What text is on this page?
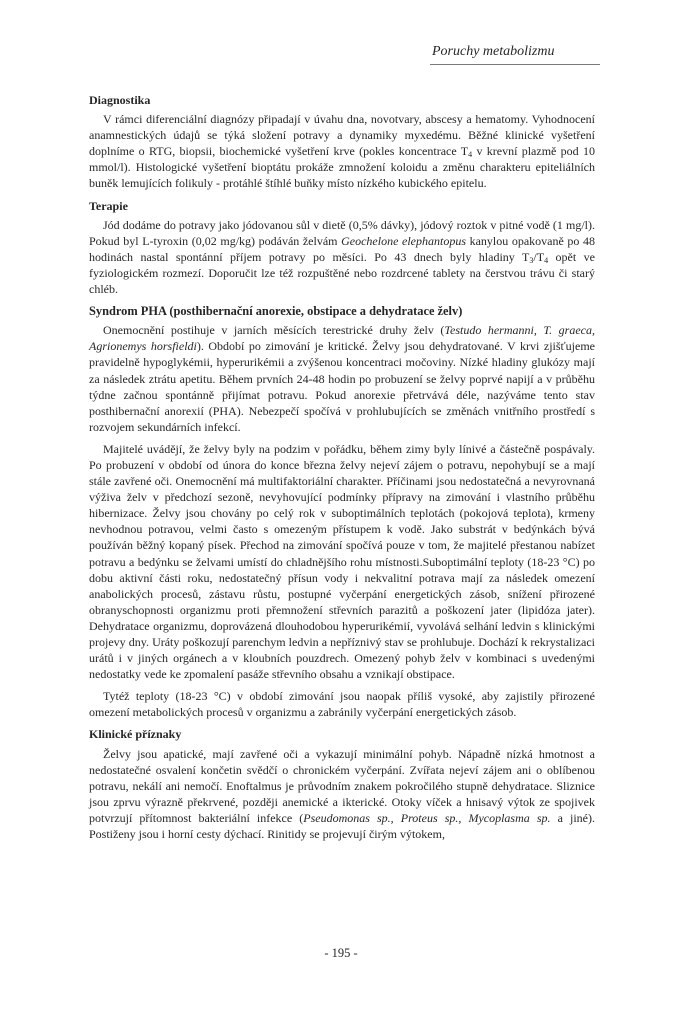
Poruchy metabolizmu
Diagnostika

V rámci diferenciální diagnózy připadají v úvahu dna, novotvary, abscesy a hematomy. Vyhodnocení anamnestických údajů se týká složení potravy a dynamiky myxedému. Běžné klinické vyšetření doplníme o RTG, biopsii, biochemické vyšetření krve (pokles koncentrace $T_4$ v krevní plazmě pod 10 mmol/l). Histologické vyšetření bioptátu prokáže zmnožení koloidu a změnu charakteru epiteliálních buněk lemujících folikuly - protáhlé štíhlé buňky místo nízkého kubického epitelu.

Terapie

Jód dodáme do potravy jako jódovanou sůl v dietě (0,5% dávky), jódový roztok v pitné vodě (1 mg/l). Pokud byl L-tyroxin (0,02 mg/kg) podáván želvám Geochelone elephantopus kanylou opakovaně po 48 hodinách nastal spontánní příjem potravy po měsíci. Po 43 dnech byly hladiny $T_3/T_4$ opět ve fyziologickém rozmezí. Doporučit lze též rozpuštěné nebo rozdrcené tablety na čerstvou trávu či starý chléb.

Syndrom PHA (posthibernační anorexie, obstipace a dehydratace želv)

Onemocnění postihuje v jarních měsících terestrické druhy želv (Testudo hermanni, T. graeca, Agrionemys horsfieldi). Období po zimování je kritické. Želvy jsou dehydratované. V krvi zjišťujeme pravidelně hypoglykémii, hyperurikémii a zvýšenou koncentraci močoviny. Nízké hladiny glukózy mají za následek ztrátu apetitu. Během prvních 24-48 hodin po probuzení se želvy poprvé napijí a v průběhu týdne začnou spontánně přijímat potravu. Pokud anorexie přetrvává déle, nazýváme tento stav posthibernační anorexií (PHA). Nebezpečí spočívá v prohlubujících se změnách vnitřního prostředí s rozvojem sekundárních infekcí.

Majitelé uvádějí, že želvy byly na podzim v pořádku, během zimy byly línivé a částečně pospávaly. Po probuzení v období od února do konce března želvy nejeví zájem o potravu, nepohybují se a mají stále zavřené oči. Onemocnění má multifaktoriální charakter. Příčinami jsou nedostatečná a nevyrovnaná výživa želv v předchozí sezoně, nevyhovující podmínky přípravy na zimování i vlastního průběhu hibernizace. Želvy jsou chovány po celý rok v suboptimálních teplotách (pokojová teplota), krmeny nevhodnou potravou, velmi často s omezeným přístupem k vodě. Jako substrát v bedýnkách bývá používán běžný kopaný písek. Přechod na zimování spočívá pouze v tom, že majitelé přestanou nabízet potravu a bedýnku se želvami umístí do chladnějšího rohu místnosti.Suboptimální teploty (18-23 °C) po dobu aktivní části roku, nedostatečný přísun vody i nekvalitní potrava mají za následek omezení anabolických procesů, zástavu růstu, postupné vyčerpání energetických zásob, snížení přirozené obranyschopnosti organizmu proti přemnožení střevních parazitů a poškození jater (lipidóza jater). Dehydratace organizmu, doprovázená dlouhodobou hyperurikémií, vyvolává selhání ledvin s klinickými projevy dny. Uráty poškozují parenchym ledvin a nepříznivý stav se prohlubuje. Dochází k rekrystalizaci urátů i v jiných orgánech a v kloubních pouzdrech. Omezený pohyb želv v kombinaci s uvedenými nedostatky vede ke zpomalení pasáže střevního obsahu a vznikají obstipace.

Tytéž teploty (18-23 °C) v období zimování jsou naopak příliš vysoké, aby zajistily přirozené omezení metabolických procesů v organizmu a zabránily vyčerpání energetických zásob.

Klinické příznaky

Želvy jsou apatické, mají zavřené oči a vykazují minimální pohyb. Nápadně nízká hmotnost a nedostatečné osvalení končetin svědčí o chronickém vyčerpání. Zvířata nejeví zájem ani o oblíbenou potravu, nekálí ani nemočí. Enoftalmus je průvodním znakem pokročilého stupně dehydratace. Sliznice jsou zprvu výrazně překrvené, později anemické a ikterické. Otoky víček a hnisavý výtok ze spojivek potvrzují přítomnost bakteriální infekce (Pseudomonas sp., Proteus sp., Mycoplasma sp. a jiné). Postiženy jsou i horní cesty dýchací. Rinitidy se projevují čirým výtokem,

- 195 -
